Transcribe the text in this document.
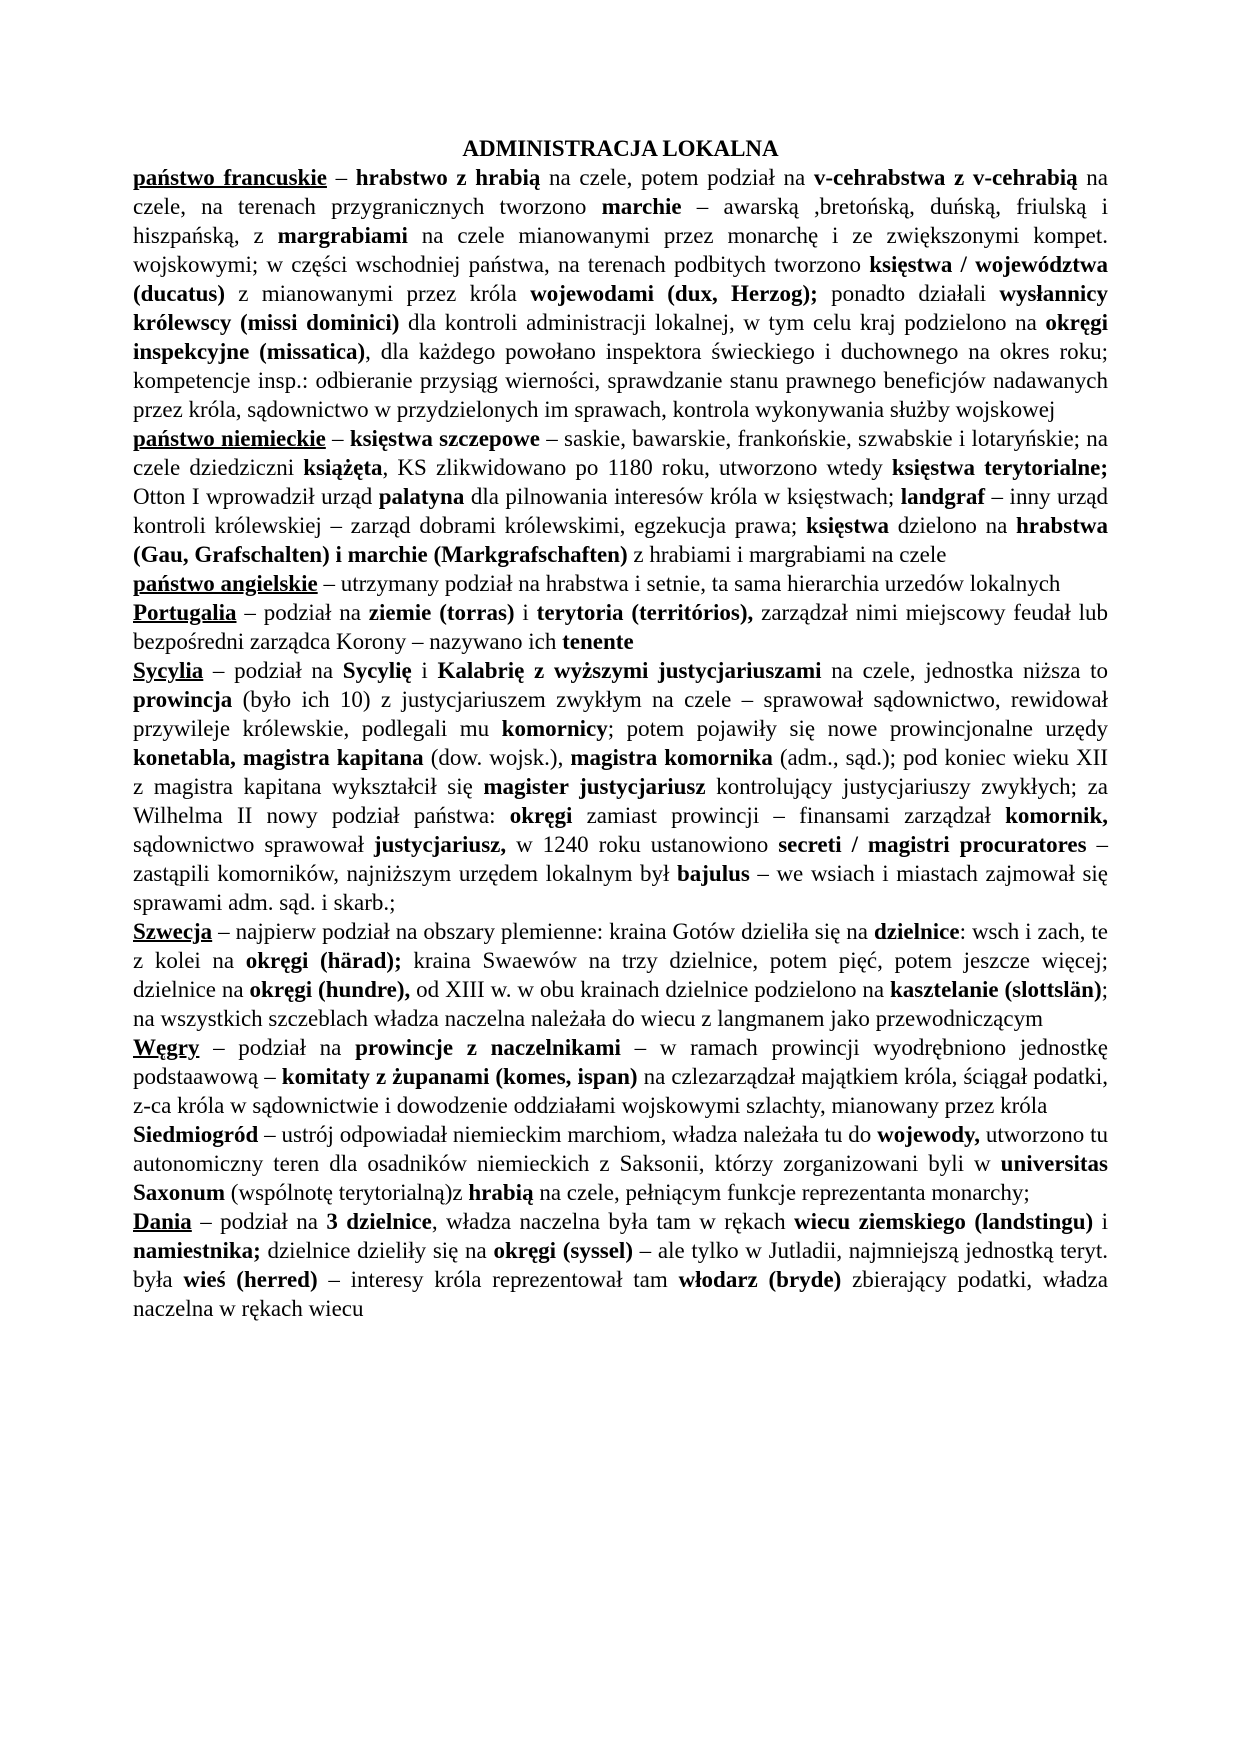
ADMINISTRACJA LOKALNA

państwo francuskie – hrabstwo z hrabią na czele, potem podział na v-cehrabstwa z v-cehrabią na czele, na terenach przygranicznych tworzono marchie – awarską ,bretońską, duńską, friulską i hiszpańską, z margrabiami na czele mianowanymi przez monarchę i ze zwiększonymi kompet. wojskowymi; w części wschodniej państwa, na terenach podbitych tworzono księstwa / województwa (ducatus) z mianowanymi przez króla wojewodami (dux, Herzog); ponadto działali wysłannicy królewscy (missi dominici) dla kontroli administracji lokalnej, w tym celu kraj podzielono na okręgi inspekcyjne (missatica), dla każdego powołano inspektora świeckiego i duchownego na okres roku; kompetencje insp.: odbieranie przysiąg wierności, sprawdzanie stanu prawnego beneficjów nadawanych przez króla, sądownictwo w przydzielonych im sprawach, kontrola wykonywania służby wojskowej

państwo niemieckie – księstwa szczepowe – saskie, bawarskie, frankońskie, szwabskie i lotaryńskie; na czele dziedziczni książęta, KS zlikwidowano po 1180 roku, utworzono wtedy księstwa terytorialne; Otton I wprowadził urząd palatyna dla pilnowania interesów króla w księstwach; landgraf – inny urząd kontroli królewskiej – zarząd dobrami królewskimi, egzekucja prawa; księstwa dzielono na hrabstwa (Gau, Grafschalten) i marchie (Markgrafschaften) z hrabiami i margrabiami na czele

państwo angielskie – utrzymany podział na hrabstwa i setnie, ta sama hierarchia urzedów lokalnych

Portugalia – podział na ziemie (torras) i terytoria (territórios), zarządzał nimi miejscowy feudał lub bezpośredni zarządca Korony – nazywano ich tenente

Sycylia – podział na Sycylię i Kalabrię z wyższymi justycjariuszami na czele, jednostka niższa to prowincja (było ich 10) z justycjariuszem zwykłym na czele – sprawował sądownictwo, rewidował przywileje królewskie, podlegali mu komornicy; potem pojawiły się nowe prowincjonalne urzędy konetabla, magistra kapitana (dow. wojsk.), magistra komornika (adm., sąd.); pod koniec wieku XII z magistra kapitana wykształcił się magister justycjariusz kontrolujący justycjariuszy zwykłych; za Wilhelma II nowy podział państwa: okręgi zamiast prowincji – finansami zarządzał komornik, sądownictwo sprawował justycjariusz, w 1240 roku ustanowiono secreti / magistri procuratores – zastąpili komorników, najniższym urzędem lokalnym był bajulus – we wsiach i miastach zajmował się sprawami adm. sąd. i skarb.;

Szwecja – najpierw podział na obszary plemienne: kraina Gotów dzieliła się na dzielnice: wsch i zach, te z kolei na okręgi (härad); kraina Swaewów na trzy dzielnice, potem pięć, potem jeszcze więcej; dzielnice na okręgi (hundre), od XIII w. w obu krainach dzielnice podzielono na kasztelanie (slottslän); na wszystkich szczeblach władza naczelna należała do wiecu z langmanem jako przewodniczącym

Węgry – podział na prowincje z naczelnikami – w ramach prowincji wyodrębniono jednostkę podstaawową – komitaty z żupanami (komes, ispan) na czlezarządzał majątkiem króla, ściągał podatki, z-ca króla w sądownictwie i dowodzenie oddziałami wojskowymi szlachty, mianowany przez króla

Siedmiogród – ustrój odpowiadał niemieckim marchiom, władza należała tu do wojewody, utworzono tu autonomiczny teren dla osadników niemieckich z Saksonii, którzy zorganizowani byli w universitas Saxonum (wspólnotę terytorialną)z hrabią na czele, pełniącym funkcje reprezentanta monarchy;

Dania – podział na 3 dzielnice, władza naczelna była tam w rękach wiecu ziemskiego (landstingu) i namiestnika; dzielnice dzieliły się na okręgi (syssel) – ale tylko w Jutladii, najmniejszą jednostką teryt. była wieś (herred) – interesy króla reprezentował tam włodarz (bryde) zbierający podatki, władza naczelna w rękach wiecu
